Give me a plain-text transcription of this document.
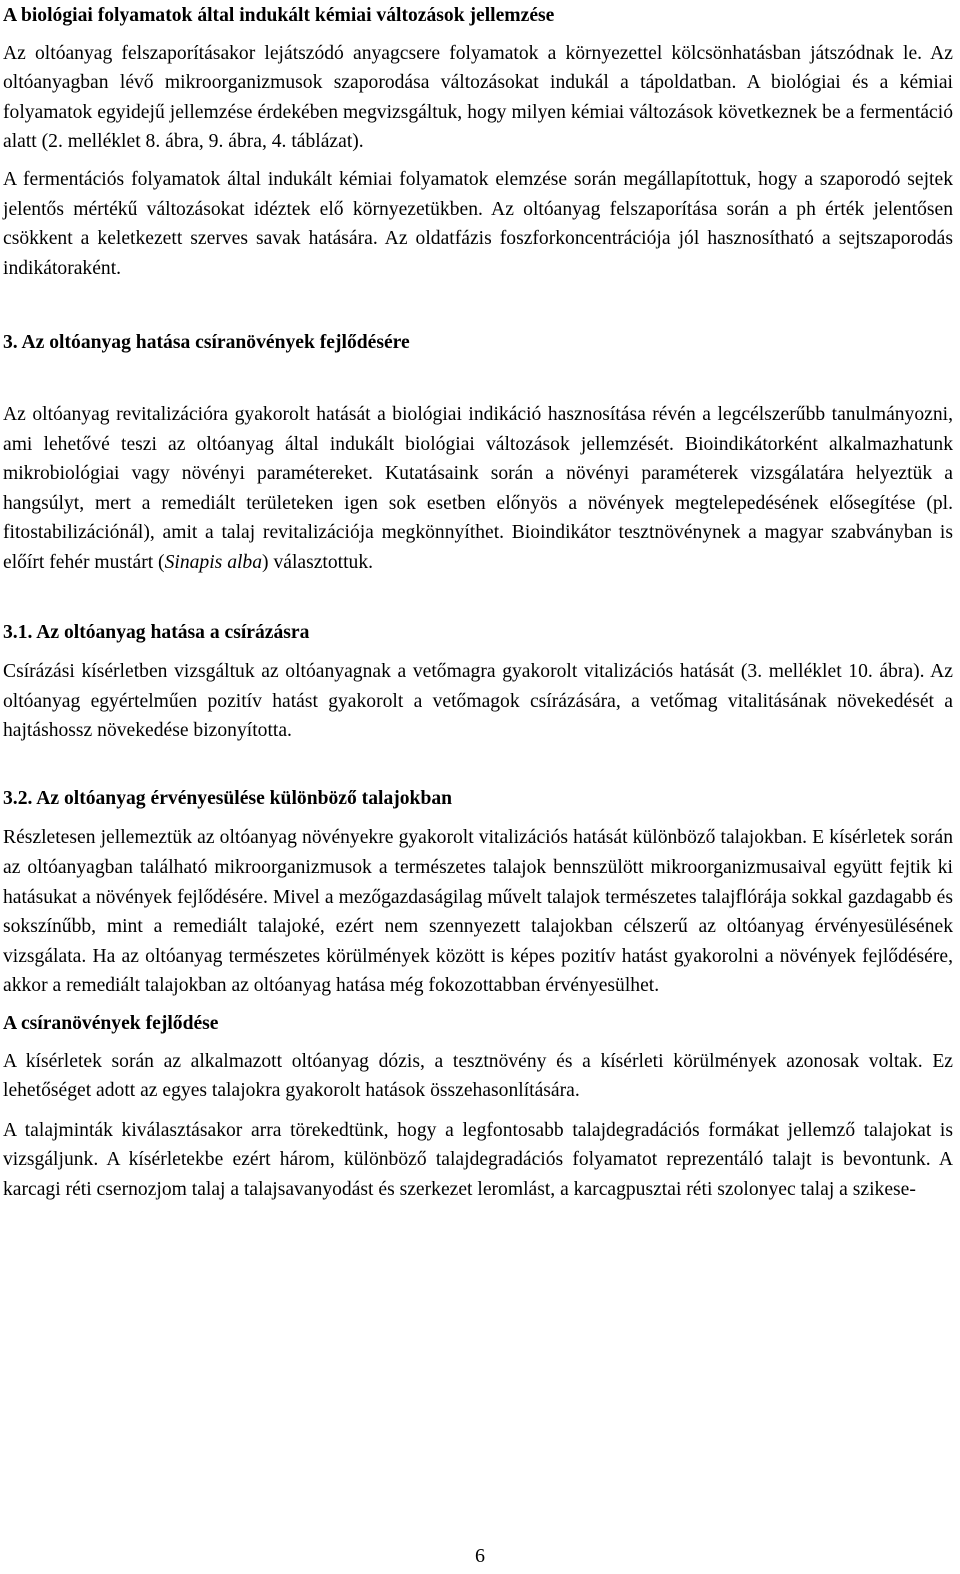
A biológiai folyamatok által indukált kémiai változások jellemzése

Az oltóanyag felszaporításakor lejátszódó anyagcsere folyamatok a környezettel kölcsönhatásban játszódnak le. Az oltóanyagban lévő mikroorganizmusok szaporodása változásokat indukál a tápoldatban. A biológiai és a kémiai folyamatok egyidejű jellemzése érdekében megvizsgáltuk, hogy milyen kémiai változások következnek be a fermentáció alatt (2. melléklet 8. ábra, 9. ábra, 4. táblázat).

A fermentációs folyamatok által indukált kémiai folyamatok elemzése során megállapítottuk, hogy a szaporodó sejtek jelentős mértékű változásokat idéztek elő környezetükben. Az oltóanyag felszaporítása során a ph érték jelentősen csökkent a keletkezett szerves savak hatására. Az oldatfázis foszforkoncentrációja jól hasznosítható a sejtszaporodás indikátoraként.

3. Az oltóanyag hatása csíranövények fejlődésére

Az oltóanyag revitalizációra gyakorolt hatását a biológiai indikáció hasznosítása révén a legcélszerűbb tanulmányozni, ami lehetővé teszi az oltóanyag által indukált biológiai változások jellemzését. Bioindikátorként alkalmazhatunk mikrobiológiai vagy növényi paramétereket. Kutatásaink során a növényi paraméterek vizsgálatára helyeztük a hangsúlyt, mert a remediált területeken igen sok esetben előnyös a növények megtelepedésének elősegítése (pl. fitostabilizációnál), amit a talaj revitalizációja megkönnyíthet. Bioindikátor tesztnövénynek a magyar szabványban is előírt fehér mustárt (Sinapis alba) választottuk.

3.1. Az oltóanyag hatása a csírázásra

Csírázási kísérletben vizsgáltuk az oltóanyagnak a vetőmagra gyakorolt vitalizációs hatását (3. melléklet 10. ábra). Az oltóanyag egyértelműen pozitív hatást gyakorolt a vetőmagok csírázására, a vetőmag vitalitásának növekedését a hajtáshossz növekedése bizonyította.

3.2. Az oltóanyag érvényesülése különböző talajokban

Részletesen jellemeztük az oltóanyag növényekre gyakorolt vitalizációs hatását különböző talajokban. E kísérletek során az oltóanyagban található mikroorganizmusok a természetes talajok bennszülött mikroorganizmusaival együtt fejtik ki hatásukat a növények fejlődésére. Mivel a mezőgazdaságilag művelt talajok természetes talajflórája sokkal gazdagabb és sokszínűbb, mint a remediált talajoké, ezért nem szennyezett talajokban célszerű az oltóanyag érvényesülésének vizsgálata. Ha az oltóanyag természetes körülmények között is képes pozitív hatást gyakorolni a növények fejlődésére, akkor a remediált talajokban az oltóanyag hatása még fokozottabban érvényesülhet.

A csíranövények fejlődése

A kísérletek során az alkalmazott oltóanyag dózis, a tesztnövény és a kísérleti körülmények azonosak voltak. Ez lehetőséget adott az egyes talajokra gyakorolt hatások összehasonlítására.

A talajminták kiválasztásakor arra törekedtünk, hogy a legfontosabb talajdegradációs formákat jellemző talajokat is vizsgáljunk. A kísérletekbe ezért három, különböző talajdegradációs folyamatot reprezentáló talajt is bevontunk. A karcagi réti csernozjom talaj a talajsavanyodást és szerkezet leromlást, a karcagpusztai réti szolonyec talaj a szikese-

6
